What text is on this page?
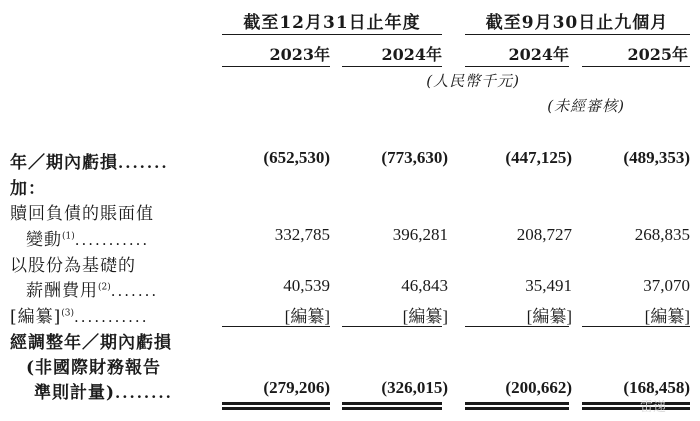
截至12月31日止年度	截至9月30日止九個月
2023年	2024年	2024年	2025年
(人民幣千元)
(未經審核)
年／期內虧損.......	(652,530)	(773,630)	(447,125)	(489,353)
加：
贖回負債的賬面值
變動$^{(1)}$...........	332,785	396,281	208,727	268,835
以股份為基礎的
薪酬費用$^{(2)}$.......	40,539	46,843	35,491	37,070
[編纂]$^{(3)}$...........	[編纂]	[編纂]	[編纂]	[編纂]
經調整年／期內虧損
(非國際財務報告
準則計量)........	(279,206)	(326,015)	(200,662)	(168,458)
雷递
